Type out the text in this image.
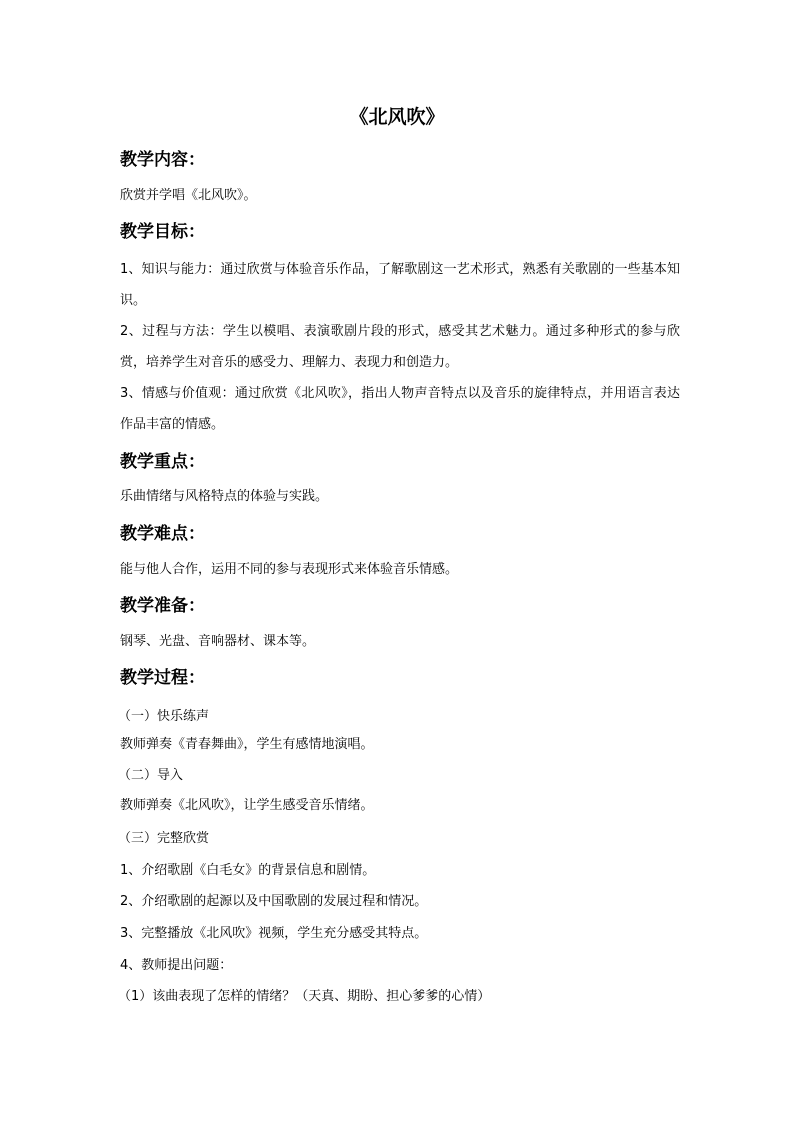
《北风吹》
教学内容：
欣赏并学唱《北风吹》。
教学目标：
1、知识与能力：通过欣赏与体验音乐作品，了解歌剧这一艺术形式，熟悉有关歌剧的一些基本知识。
2、过程与方法：学生以模唱、表演歌剧片段的形式，感受其艺术魅力。通过多种形式的参与欣赏，培养学生对音乐的感受力、理解力、表现力和创造力。
3、情感与价值观：通过欣赏《北风吹》，指出人物声音特点以及音乐的旋律特点，并用语言表达作品丰富的情感。
教学重点：
乐曲情绪与风格特点的体验与实践。
教学难点：
能与他人合作，运用不同的参与表现形式来体验音乐情感。
教学准备：
钢琴、光盘、音响器材、课本等。
教学过程：
（一）快乐练声
教师弹奏《青春舞曲》，学生有感情地演唱。
（二）导入
教师弹奏《北风吹》，让学生感受音乐情绪。
（三）完整欣赏
1、介绍歌剧《白毛女》的背景信息和剧情。
2、介绍歌剧的起源以及中国歌剧的发展过程和情况。
3、完整播放《北风吹》视频，学生充分感受其特点。
4、教师提出问题：
（1）该曲表现了怎样的情绪？（天真、期盼、担心爹爹的心情）
